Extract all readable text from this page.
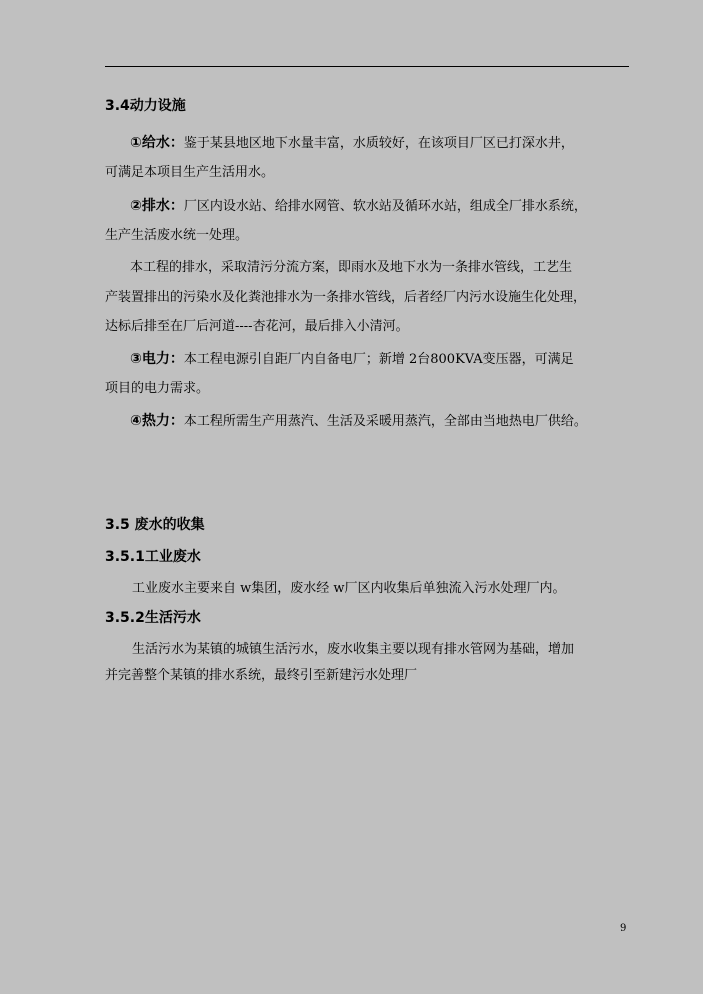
3.4动力设施
①给水：鉴于某县地区地下水量丰富，水质较好，在该项目厂区已打深水井，
可满足本项目生产生活用水。
②排水：厂区内设水站、给排水网管、软水站及循环水站，组成全厂排水系统，
生产生活废水统一处理。
本工程的排水，采取清污分流方案，即雨水及地下水为一条排水管线，工艺生
产装置排出的污染水及化粪池排水为一条排水管线，后者经厂内污水设施生化处理，
达标后排至在厂后河道----杏花河，最后排入小清河。
③电力：本工程电源引自距厂内自备电厂；新增 2台800KVA变压器，可满足
项目的电力需求。
④热力：本工程所需生产用蒸汽、生活及采暖用蒸汽，全部由当地热电厂供给。
3.5 废水的收集
3.5.1工业废水
工业废水主要来自 w集团，废水经 w厂区内收集后单独流入污水处理厂内。
3.5.2生活污水
生活污水为某镇的城镇生活污水，废水收集主要以现有排水管网为基础，增加
并完善整个某镇的排水系统，最终引至新建污水处理厂
9
